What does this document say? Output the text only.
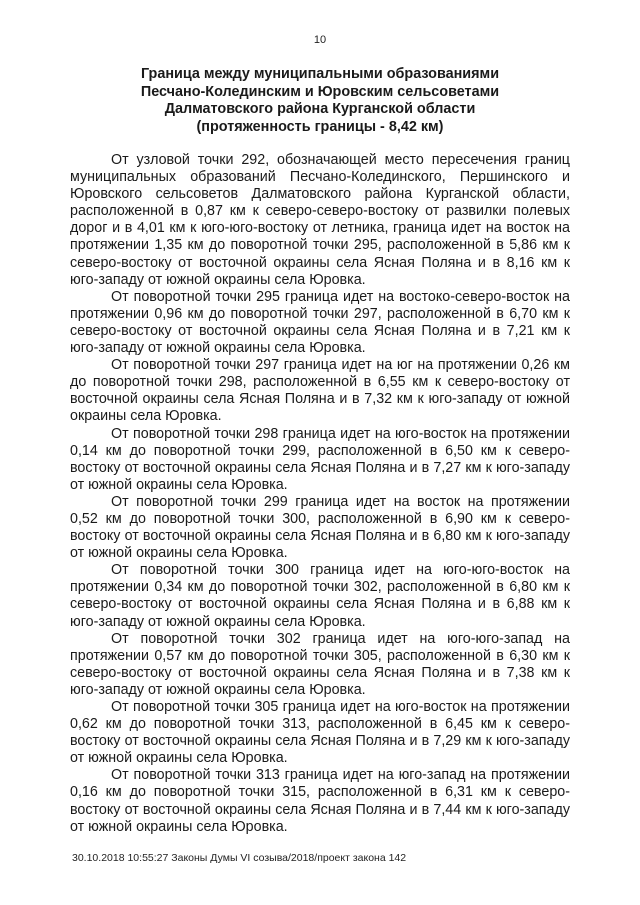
10
Граница между муниципальными образованиями
Песчано-Колединским и Юровским сельсоветами
Далматовского района Курганской области
(протяженность границы - 8,42 км)

От узловой точки 292, обозначающей место пересечения границ муниципальных образований Песчано-Колединского, Першинского и Юровского сельсоветов Далматовского района Курганской области, расположенной в 0,87 км к северо-северо-востоку от развилки полевых дорог и в 4,01 км к юго-юго-востоку от летника, граница идет на восток на протяжении 1,35 км до поворотной точки 295, расположенной в 5,86 км к северо-востоку от восточной окраины села Ясная Поляна и в 8,16 км к юго-западу от южной окраины села Юровка.

От поворотной точки 295 граница идет на востоко-северо-восток на протяжении 0,96 км до поворотной точки 297, расположенной в 6,70 км к северо-востоку от восточной окраины села Ясная Поляна и в 7,21 км к юго-западу от южной окраины села Юровка.

От поворотной точки 297 граница идет на юг на протяжении 0,26 км до поворотной точки 298, расположенной в 6,55 км к северо-востоку от восточной окраины села Ясная Поляна и в 7,32 км к юго-западу от южной окраины села Юровка.

От поворотной точки 298 граница идет на юго-восток на протяжении 0,14 км до поворотной точки 299, расположенной в 6,50 км к северо-востоку от восточной окраины села Ясная Поляна и в 7,27 км к юго-западу от южной окраины села Юровка.

От поворотной точки 299 граница идет на восток на протяжении 0,52 км до поворотной точки 300, расположенной в 6,90 км к северо-востоку от восточной окраины села Ясная Поляна и в 6,80 км к юго-западу от южной окраины села Юровка.

От поворотной точки 300 граница идет на юго-юго-восток на протяжении 0,34 км до поворотной точки 302, расположенной в 6,80 км к северо-востоку от восточной окраины села Ясная Поляна и в 6,88 км к юго-западу от южной окраины села Юровка.

От поворотной точки 302 граница идет на юго-юго-запад на протяжении 0,57 км до поворотной точки 305, расположенной в 6,30 км к северо-востоку от восточной окраины села Ясная Поляна и в 7,38 км к юго-западу от южной окраины села Юровка.

От поворотной точки 305 граница идет на юго-восток на протяжении 0,62 км до поворотной точки 313, расположенной в 6,45 км к северо-востоку от восточной окраины села Ясная Поляна и в 7,29 км к юго-западу от южной окраины села Юровка.

От поворотной точки 313 граница идет на юго-запад на протяжении 0,16 км до поворотной точки 315, расположенной в 6,31 км к северо-востоку от восточной окраины села Ясная Поляна и в 7,44 км к юго-западу от южной окраины села Юровка.

30.10.2018 10:55:27 Законы Думы VI созыва/2018/проект закона 142
